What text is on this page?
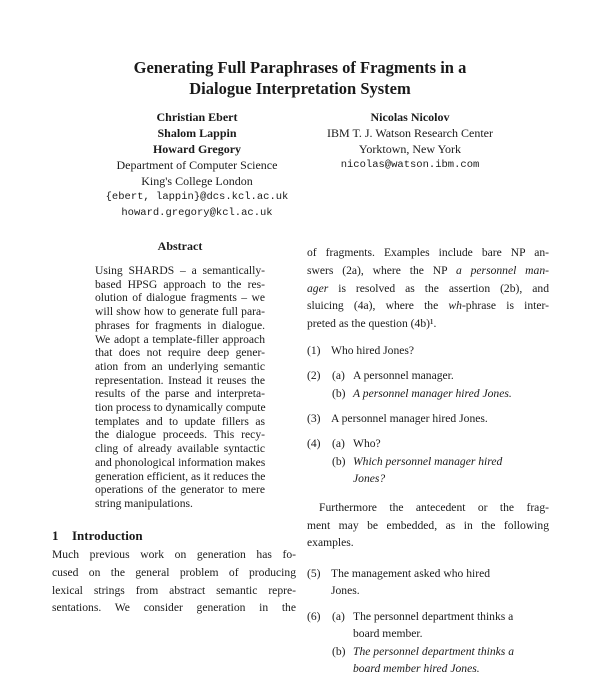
Generating Full Paraphrases of Fragments in a
Dialogue Interpretation System
Christian Ebert
Shalom Lappin
Howard Gregory
Department of Computer Science
King's College London
{ebert, lappin}@dcs.kcl.ac.uk
howard.gregory@kcl.ac.uk
Nicolas Nicolov
IBM T. J. Watson Research Center
Yorktown, New York
nicolas@watson.ibm.com
Abstract
Using SHARDS – a semantically-
based HPSG approach to the res-
olution of dialogue fragments – we
will show how to generate full para-
phrases for fragments in dialogue.
We adopt a template-filler approach
that does not require deep gener-
ation from an underlying semantic
representation. Instead it reuses the
results of the parse and interpreta-
tion process to dynamically compute
templates and to update fillers as
the dialogue proceeds. This recy-
cling of already available syntactic
and phonological information makes
generation efficient, as it reduces the
operations of the generator to mere
string manipulations.
1 Introduction
Much previous work on generation has fo-
cused on the general problem of producing
lexical strings from abstract semantic repre-
sentations. We consider generation in the
of fragments. Examples include bare NP an-
swers (2a), where the NP a personnel man-
ager is resolved as the assertion (2b), and
sluicing (4a), where the wh-phrase is inter-
preted as the question (4b)¹.
(1) Who hired Jones?
(2) (a) A personnel manager.
(b) A personnel manager hired Jones.
(3) A personnel manager hired Jones.
(4) (a) Who?
(b) Which personnel manager hired
Jones?
Furthermore the antecedent or the frag-
ment may be embedded, as in the following
examples.
(5) The management asked who hired
Jones.
(6) (a) The personnel department thinks a
board member.
(b) The personnel department thinks a
board member hired Jones.
